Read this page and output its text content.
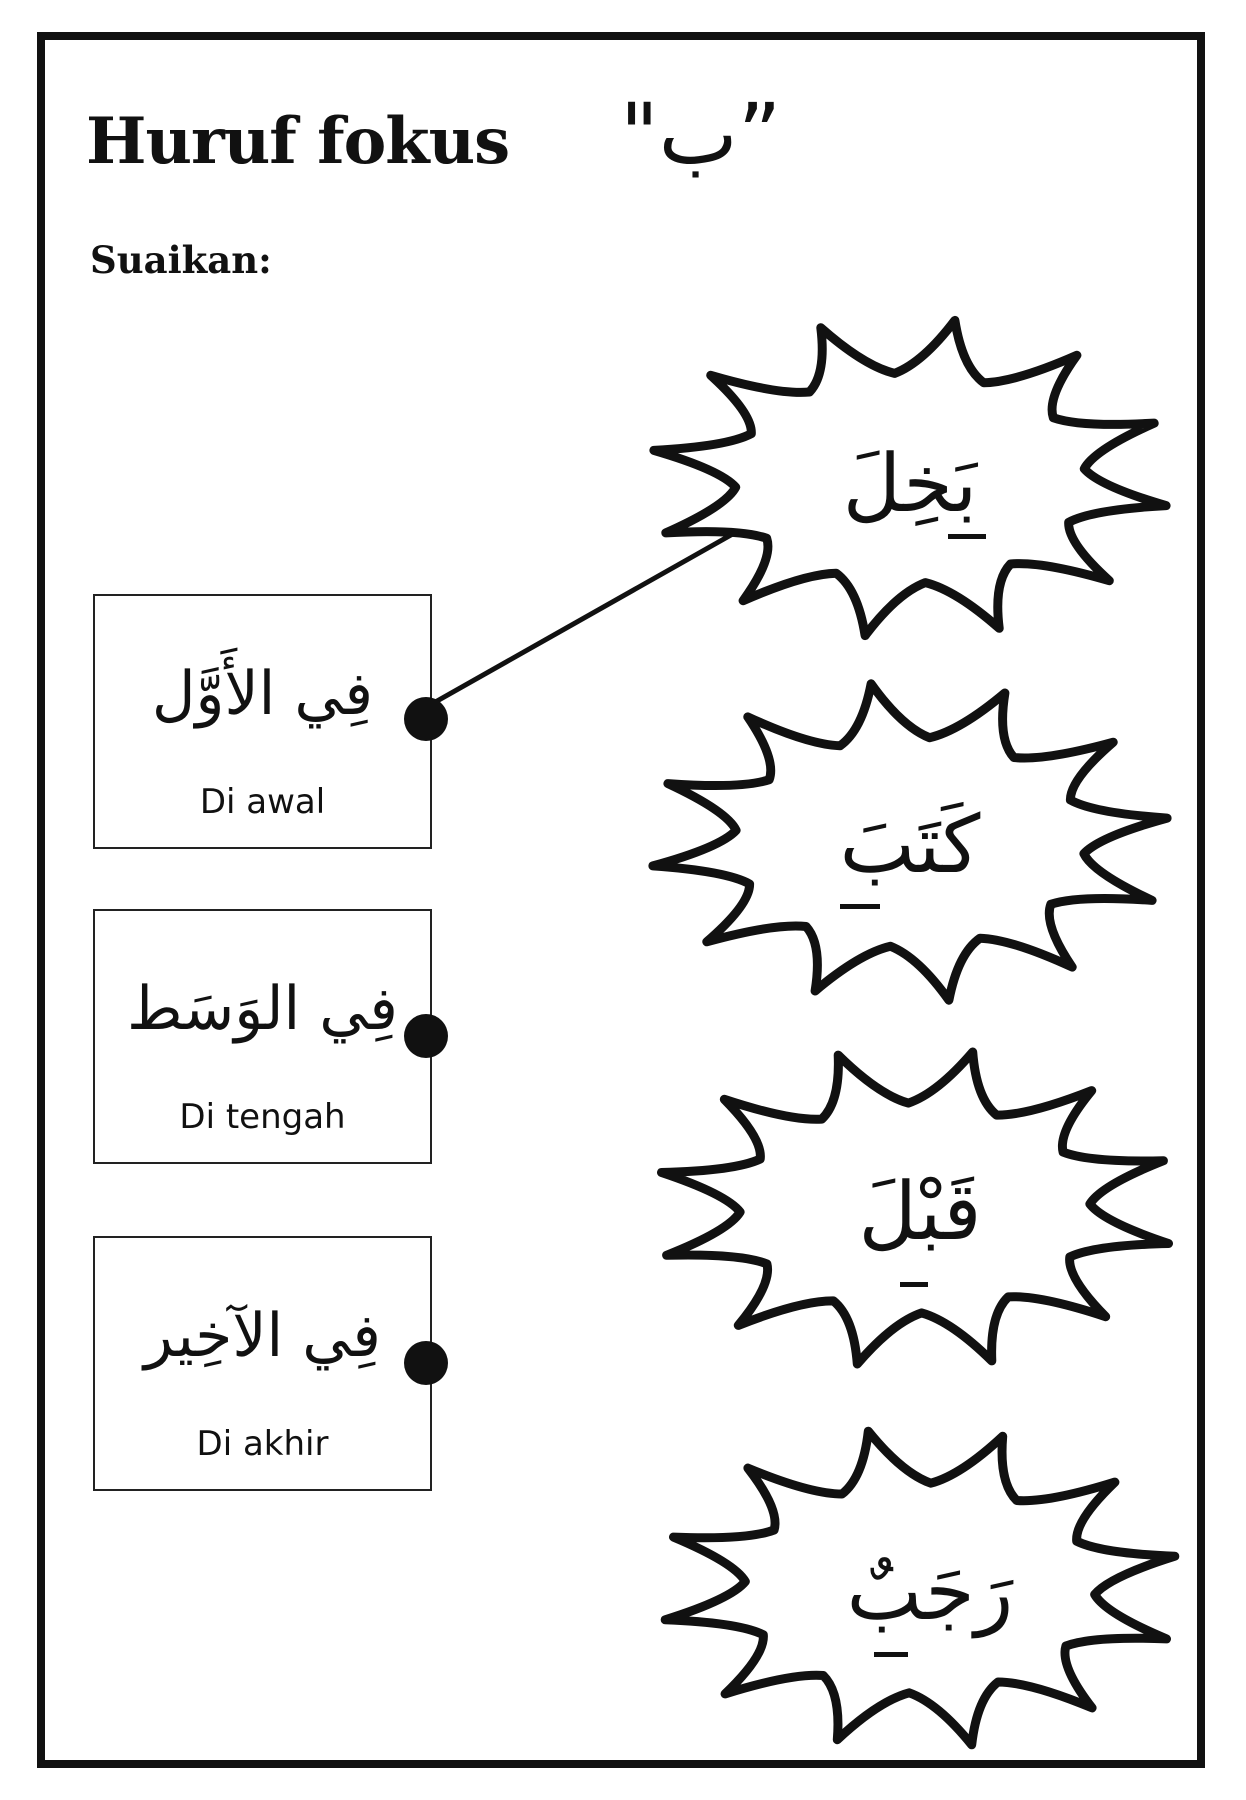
Huruf fokus "ب”
Suaikan:
فِي الأَوَّل
Di awal
فِي الوَسَط
Di tengah
فِي الآخِير
Di akhir
بَخِلَ
كَتَبَ
قَبْلَ
رَجَبٌ
